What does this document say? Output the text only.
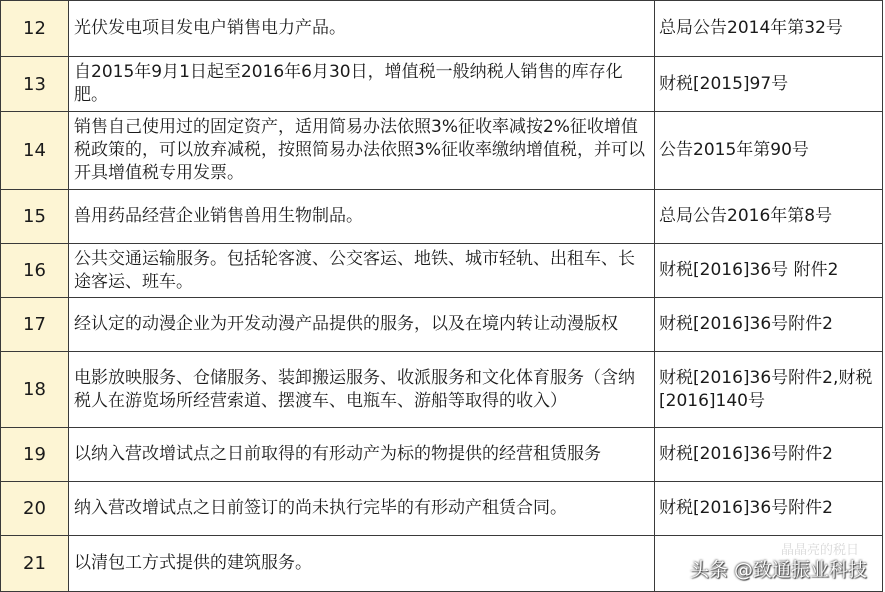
12	光伏发电项目发电户销售电力产品。	总局公告2014年第32号
13	自2015年9月1日起至2016年6月30日，增值税一般纳税人销售的库存化肥。	财税[2015]97号
14	销售自己使用过的固定资产，适用简易办法依照3%征收率减按2%征收增值税政策的，可以放弃减税，按照简易办法依照3%征收率缴纳增值税，并可以开具增值税专用发票。	公告2015年第90号
15	兽用药品经营企业销售兽用生物制品。	总局公告2016年第8号
16	公共交通运输服务。包括轮客渡、公交客运、地铁、城市轻轨、出租车、长途客运、班车。	财税[2016]36号 附件2
17	经认定的动漫企业为开发动漫产品提供的服务，以及在境内转让动漫版权	财税[2016]36号附件2
18	电影放映服务、仓储服务、装卸搬运服务、收派服务和文化体育服务（含纳税人在游览场所经营索道、摆渡车、电瓶车、游船等取得的收入）	财税[2016]36号附件2,财税[2016]140号
19	以纳入营改增试点之日前取得的有形动产为标的物提供的经营租赁服务	财税[2016]36号附件2
20	纳入营改增试点之日前签订的尚未执行完毕的有形动产租赁合同。	财税[2016]36号附件2
21	以清包工方式提供的建筑服务。	
晶晶亮的税日
头条 @致通振业科技
